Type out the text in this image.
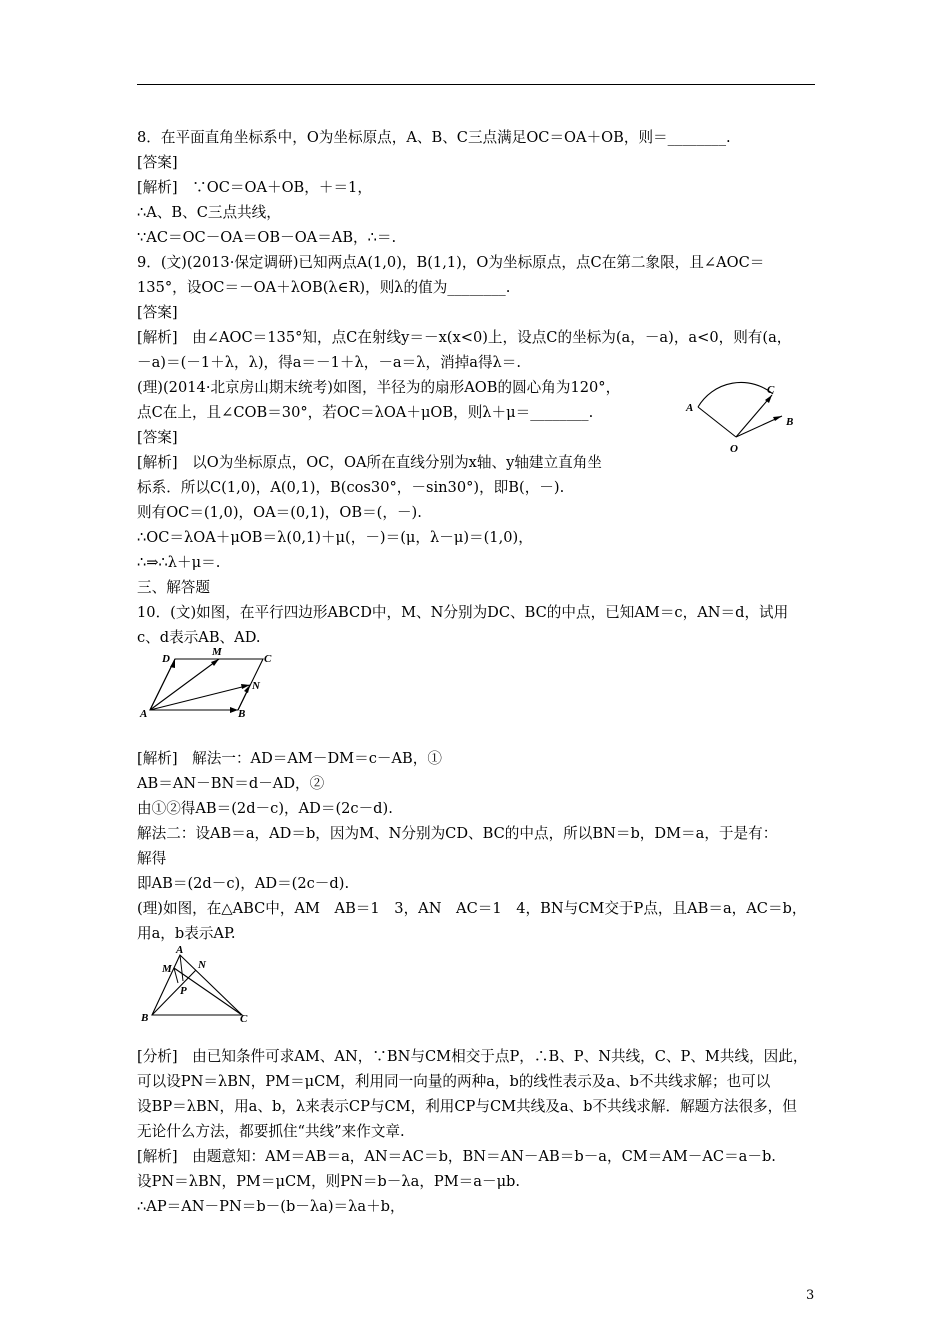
8．在平面直角坐标系中，O为坐标原点，A、B、C三点满足OC＝OA＋OB，则＝________.
[答案]
[解析]　∵OC＝OA＋OB，＋＝1，
∴A、B、C三点共线，
∵AC＝OC－OA＝OB－OA＝AB，∴＝.
9．(文)(2013·保定调研)已知两点A(1,0)，B(1,1)，O为坐标原点，点C在第二象限，且∠AOC＝
135°，设OC＝－OA＋λOB(λ∈R)，则λ的值为________.
[答案]
[解析]　由∠AOC＝135°知，点C在射线y＝－x(x<0)上，设点C的坐标为(a，－a)，a<0，则有(a，
－a)＝(－1＋λ，λ)，得a＝－1＋λ，－a＝λ，消掉a得λ＝.
(理)(2014·北京房山期末统考)如图，半径为的扇形AOB的圆心角为120°，
点C在上，且∠COB＝30°，若OC＝λOA＋μOB，则λ＋μ＝________.
[答案]
[解析]　以O为坐标原点，OC，OA所在直线分别为x轴、y轴建立直角坐
标系．所以C(1,0)，A(0,1)，B(cos30°，－sin30°)，即B(，－).
则有OC＝(1,0)，OA＝(0,1)，OB＝(，－).
∴OC＝λOA＋μOB＝λ(0,1)＋μ(，－)＝(μ，λ－μ)＝(1,0)，
∴⇒∴λ＋μ＝.
三、解答题
10．(文)如图，在平行四边形ABCD中，M、N分别为DC、BC的中点，已知AM＝c，AN＝d，试用
c、d表示AB、AD.
A
B
C
O
A	B
C
D
M
N
[解析]　解法一：AD＝AM－DM＝c－AB，①
AB＝AN－BN＝d－AD，②
由①②得AB＝(2d－c)，AD＝(2c－d).
解法二：设AB＝a，AD＝b，因为M、N分别为CD、BC的中点，所以BN＝b，DM＝a，于是有：
解得
即AB＝(2d－c)，AD＝(2c－d).
(理)如图，在△ABC中，AM　AB＝1　3，AN　AC＝1　4，BN与CM交于P点，且AB＝a，AC＝b，
用a，b表示AP.
A
B	C
M N
P
[分析]　由已知条件可求AM、AN，∵BN与CM相交于点P，∴B、P、N共线，C、P、M共线，因此，
可以设PN＝λBN，PM＝μCM，利用同一向量的两种a，b的线性表示及a、b不共线求解；也可以
设BP＝λBN，用a、b，λ来表示CP与CM，利用CP与CM共线及a、b不共线求解．解题方法很多，但
无论什么方法，都要抓住“共线”来作文章.
[解析]　由题意知：AM＝AB＝a，AN＝AC＝b，BN＝AN－AB＝b－a，CM＝AM－AC＝a－b.
设PN＝λBN，PM＝μCM，则PN＝b－λa，PM＝a－μb.
∴AP＝AN－PN＝b－(b－λa)＝λa＋b，
3
